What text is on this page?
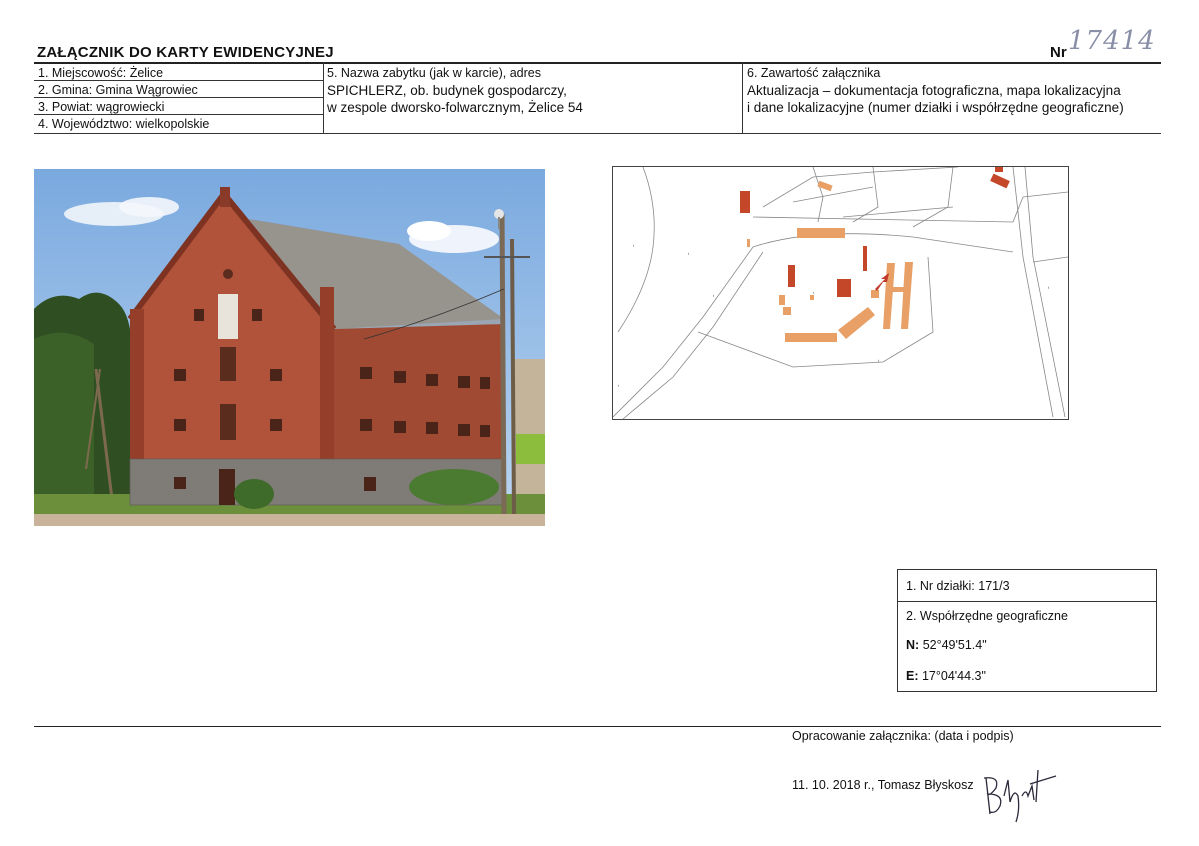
ZAŁĄCZNIK DO KARTY EWIDENCYJNEJ	Nr 17414
1. Miejscowość: Żelice
2. Gmina: Gmina Wągrowiec
3. Powiat: wągrowiecki
4. Województwo: wielkopolskie
5. Nazwa zabytku (jak w karcie), adres
SPICHLERZ, ob. budynek gospodarczy,
w zespole dworsko-folwarcznym, Żelice 54
6. Zawartość załącznika
Aktualizacja – dokumentacja fotograficzna, mapa lokalizacyjna
i dane lokalizacyjne (numer działki i współrzędne geograficzne)
t
t
t
t
t
t
t
1. Nr działki: 171/3
2. Współrzędne geograficzne
N: 52°49'51.4"
E: 17°04'44.3"
Opracowanie załącznika: (data i podpis)
11. 10. 2018 r., Tomasz Błyskosz
